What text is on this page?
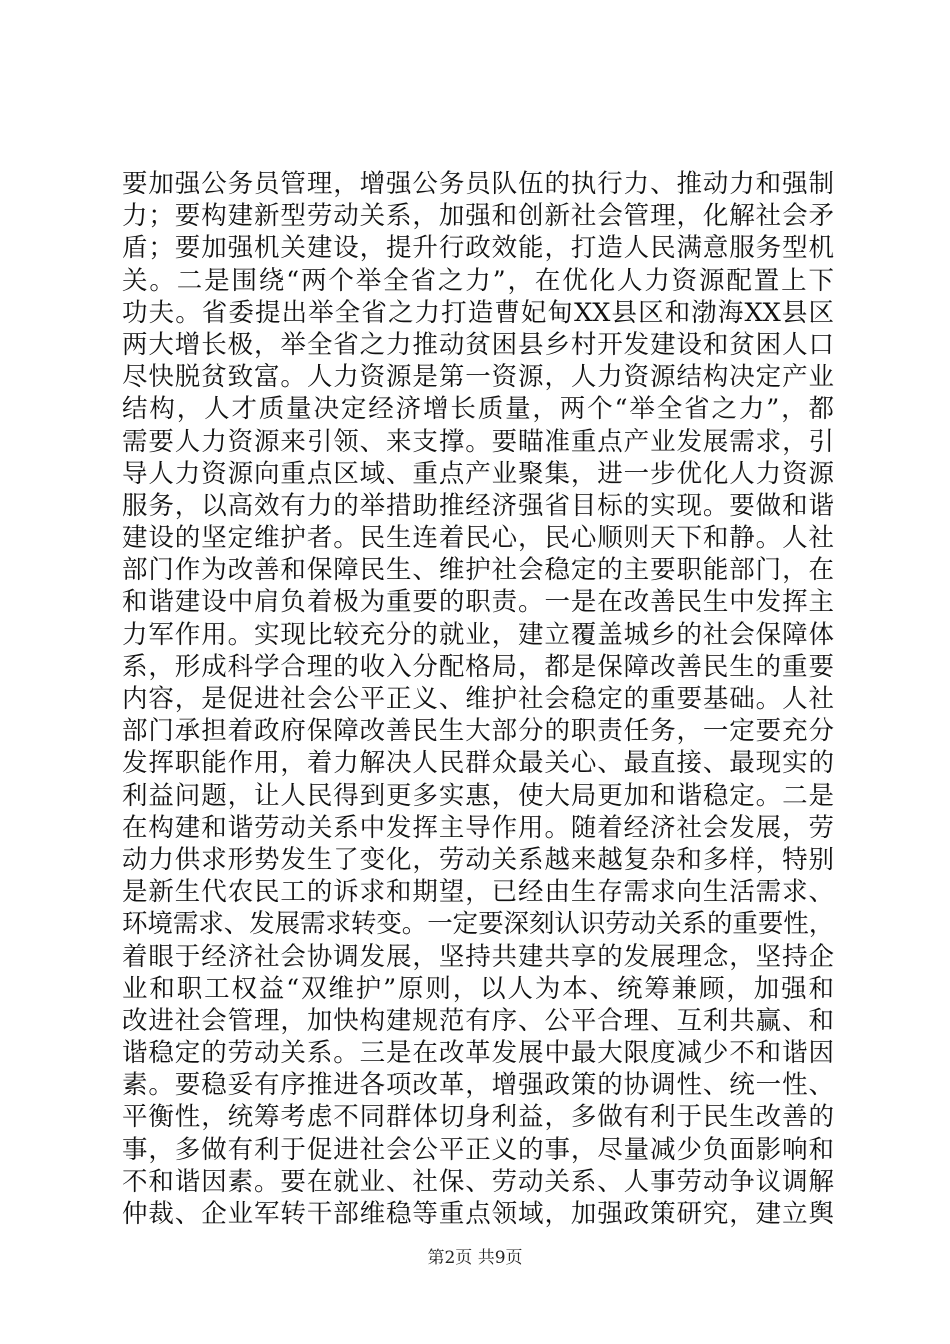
要加强公务员管理，增强公务员队伍的执行力、推动力和强制
力；要构建新型劳动关系，加强和创新社会管理，化解社会矛
盾；要加强机关建设，提升行政效能，打造人民满意服务型机
关。二是围绕“两个举全省之力”，在优化人力资源配置上下
功夫。省委提出举全省之力打造曹妃甸XX县区和渤海XX县区
两大增长极，举全省之力推动贫困县乡村开发建设和贫困人口
尽快脱贫致富。人力资源是第一资源，人力资源结构决定产业
结构，人才质量决定经济增长质量，两个“举全省之力”，都
需要人力资源来引领、来支撑。要瞄准重点产业发展需求，引
导人力资源向重点区域、重点产业聚集，进一步优化人力资源
服务，以高效有力的举措助推经济强省目标的实现。要做和谐
建设的坚定维护者。民生连着民心，民心顺则天下和静。人社
部门作为改善和保障民生、维护社会稳定的主要职能部门，在
和谐建设中肩负着极为重要的职责。一是在改善民生中发挥主
力军作用。实现比较充分的就业，建立覆盖城乡的社会保障体
系，形成科学合理的收入分配格局，都是保障改善民生的重要
内容，是促进社会公平正义、维护社会稳定的重要基础。人社
部门承担着政府保障改善民生大部分的职责任务，一定要充分
发挥职能作用，着力解决人民群众最关心、最直接、最现实的
利益问题，让人民得到更多实惠，使大局更加和谐稳定。二是
在构建和谐劳动关系中发挥主导作用。随着经济社会发展，劳
动力供求形势发生了变化，劳动关系越来越复杂和多样，特别
是新生代农民工的诉求和期望，已经由生存需求向生活需求、
环境需求、发展需求转变。一定要深刻认识劳动关系的重要性，
着眼于经济社会协调发展，坚持共建共享的发展理念，坚持企
业和职工权益“双维护”原则，以人为本、统筹兼顾，加强和
改进社会管理，加快构建规范有序、公平合理、互利共赢、和
谐稳定的劳动关系。三是在改革发展中最大限度减少不和谐因
素。要稳妥有序推进各项改革，增强政策的协调性、统一性、
平衡性，统筹考虑不同群体切身利益，多做有利于民生改善的
事，多做有利于促进社会公平正义的事，尽量减少负面影响和
不和谐因素。要在就业、社保、劳动关系、人事劳动争议调解
仲裁、企业军转干部维稳等重点领域，加强政策研究，建立舆
第2页 共9页
